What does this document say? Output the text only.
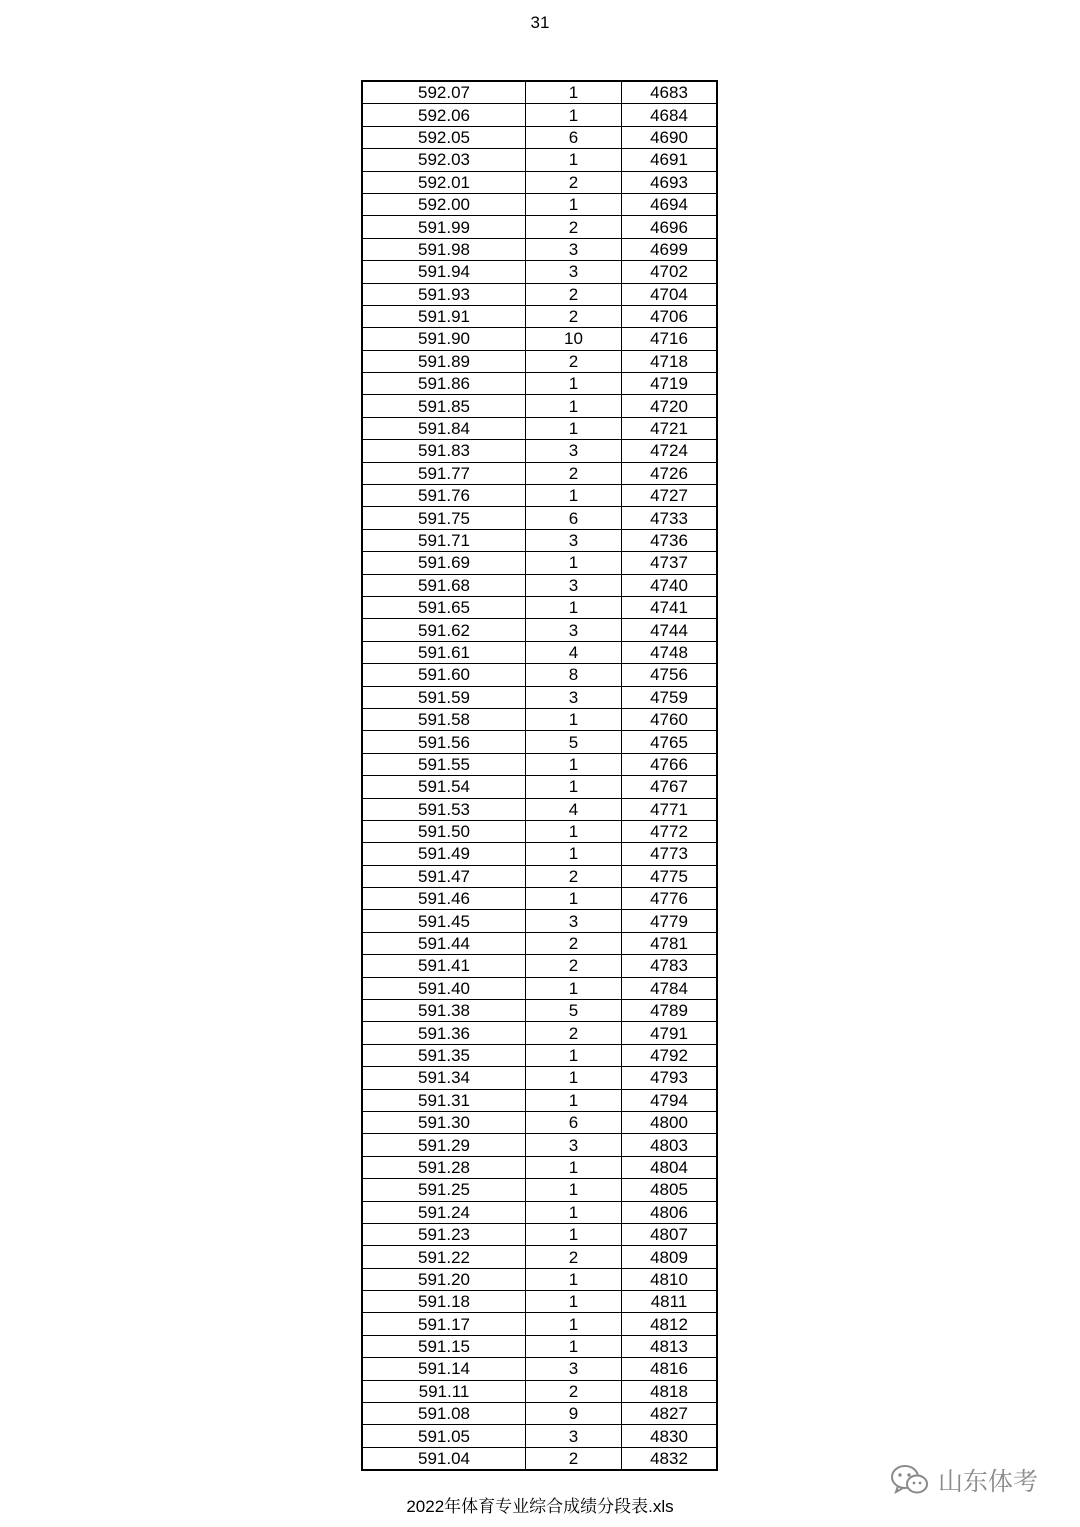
31
592.07	1	4683
592.06	1	4684
592.05	6	4690
592.03	1	4691
592.01	2	4693
592.00	1	4694
591.99	2	4696
591.98	3	4699
591.94	3	4702
591.93	2	4704
591.91	2	4706
591.90	10	4716
591.89	2	4718
591.86	1	4719
591.85	1	4720
591.84	1	4721
591.83	3	4724
591.77	2	4726
591.76	1	4727
591.75	6	4733
591.71	3	4736
591.69	1	4737
591.68	3	4740
591.65	1	4741
591.62	3	4744
591.61	4	4748
591.60	8	4756
591.59	3	4759
591.58	1	4760
591.56	5	4765
591.55	1	4766
591.54	1	4767
591.53	4	4771
591.50	1	4772
591.49	1	4773
591.47	2	4775
591.46	1	4776
591.45	3	4779
591.44	2	4781
591.41	2	4783
591.40	1	4784
591.38	5	4789
591.36	2	4791
591.35	1	4792
591.34	1	4793
591.31	1	4794
591.30	6	4800
591.29	3	4803
591.28	1	4804
591.25	1	4805
591.24	1	4806
591.23	1	4807
591.22	2	4809
591.20	1	4810
591.18	1	4811
591.17	1	4812
591.15	1	4813
591.14	3	4816
591.11	2	4818
591.08	9	4827
591.05	3	4830
591.04	2	4832
2022年体育专业综合成绩分段表.xls
山东体考
